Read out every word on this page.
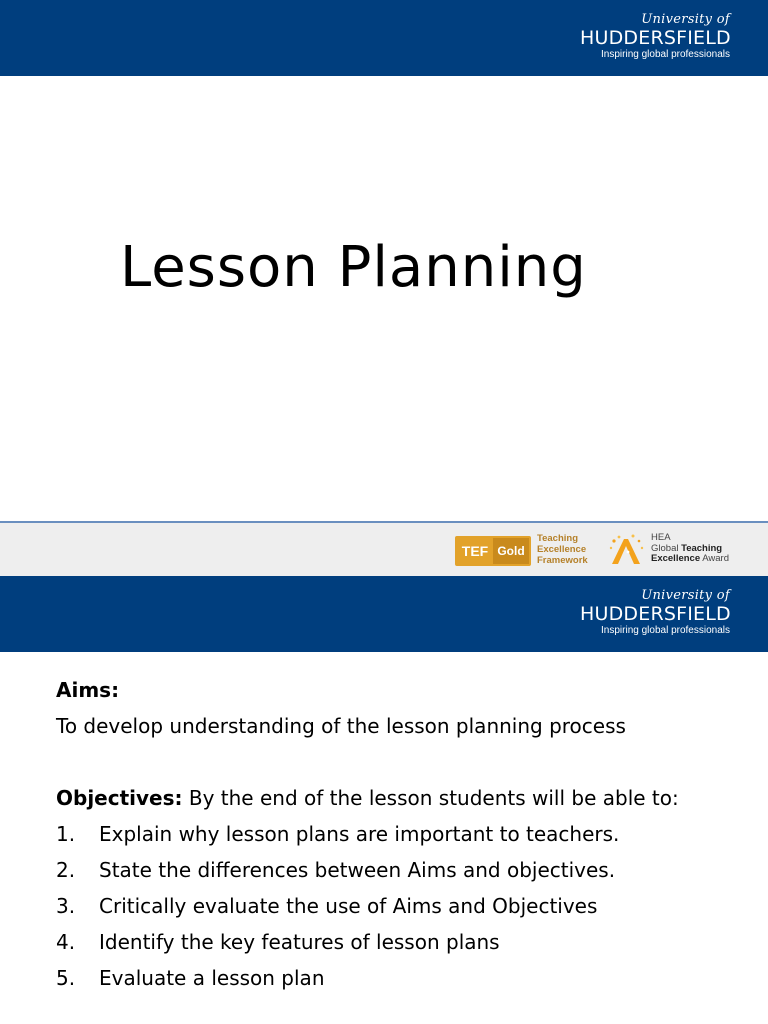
University of
HUDDERSFIELD
Inspiring global professionals
Lesson Planning
TEF Gold
Teaching
Excellence
Framework
HEA
Global Teaching
Excellence Award
University of
HUDDERSFIELD
Inspiring global professionals
Aims:
To develop understanding of the lesson planning process
Objectives: By the end of the lesson students will be able to:
1.	Explain why lesson plans are important to teachers.
2.	State the differences between Aims and objectives.
3.	Critically evaluate the use of Aims and Objectives
4.	Identify the key features of lesson plans
5.	Evaluate a lesson plan
